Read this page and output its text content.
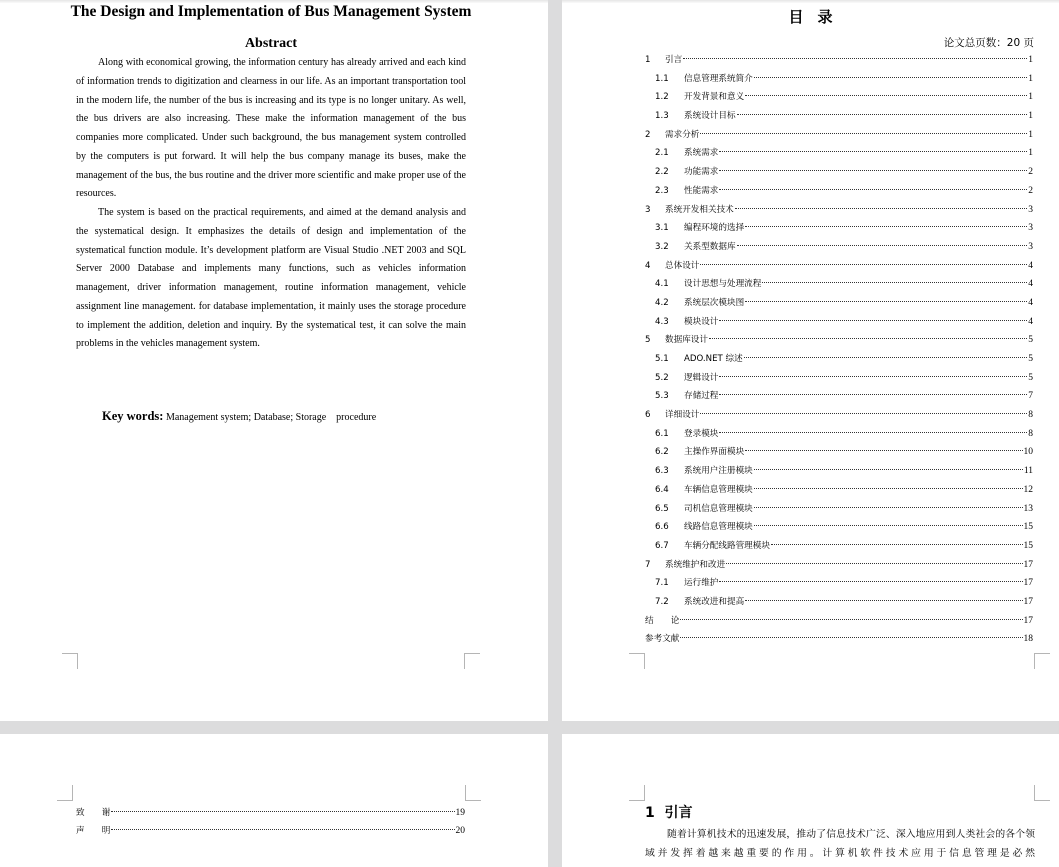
The Design and Implementation of Bus Management System
Abstract

Along with economical growing, the information century has already arrived and each kind of information trends to digitization and clearness in our life. As an important transportation tool in the modern life, the number of the bus is increasing and its type is no longer unitary. As well, the bus drivers are also increasing. These make the information management of the bus companies more complicated. Under such background, the bus management system controlled by the computers is put forward. It will help the bus company manage its buses, make the management of the bus, the bus routine and the driver more scientific and make proper use of the resources.

The system is based on the practical requirements, and aimed at the demand analysis and the systematical design. It emphasizes the details of design and implementation of the systematical function module. It’s development platform are Visual Studio .NET 2003 and SQL Server 2000 Database and implements many functions, such as vehicles information management, driver information management, routine information management, vehicle assignment line management. for database implementation, it mainly uses the storage procedure to implement the addition, deletion and inquiry. By the systematical test, it can solve the main problems in the vehicles management system.

Key words: Management system; Database; Storage    procedure
目录
论文总页数：20 页
1	引言	1
1.1	信息管理系统简介	1
1.2	开发背景和意义	1
1.3	系统设计目标	1
2	需求分析	1
2.1	系统需求	1
2.2	功能需求	2
2.3	性能需求	2
3	系统开发相关技术	3
3.1	编程环境的选择	3
3.2	关系型数据库	3
4	总体设计	4
4.1	设计思想与处理流程	4
4.2	系统层次模块图	4
4.3	模块设计	4
5	数据库设计	5
5.1	ADO.NET 综述	5
5.2	逻辑设计	5
5.3	存储过程	7
6	详细设计	8
6.1	登录模块	8
6.2	主操作界面模块	10
6.3	系统用户注册模块	11
6.4	车辆信息管理模块	12
6.5	司机信息管理模块	13
6.6	线路信息管理模块	15
6.7	车辆分配线路管理模块	15
7	系统维护和改进	17
7.1	运行维护	17
7.2	系统改进和提高	17
结　　论	17
参考文献	18
致　　谢	19
声　　明	20
1  引言

随着计算机技术的迅速发展，推动了信息技术广泛、深入地应用到人类社会的各个领域并发挥着越来越重要的作用。计算机软件技术应用于信息管理是必然
